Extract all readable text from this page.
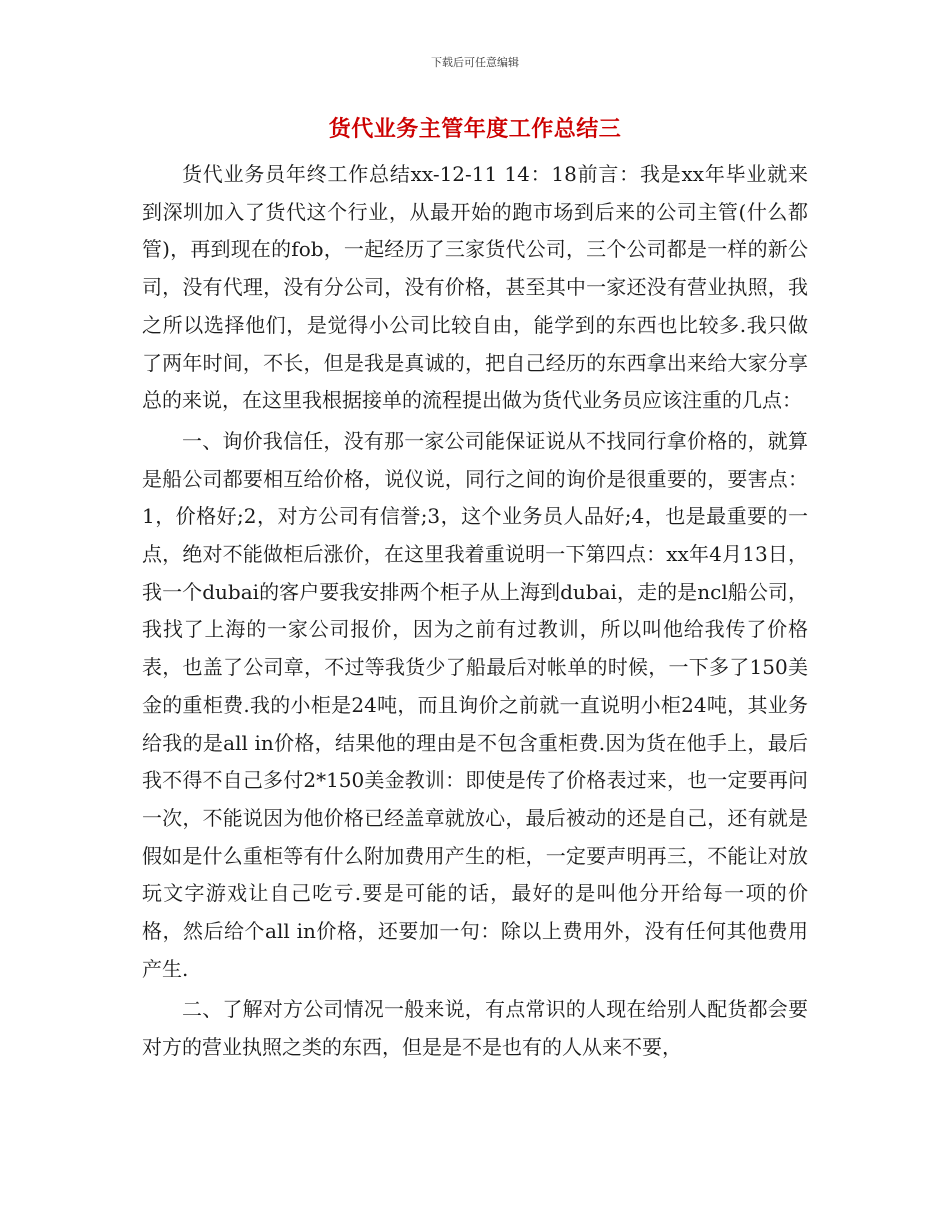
下载后可任意编辑
货代业务主管年度工作总结三

货代业务员年终工作总结xx-12-11 14：18前言：我是xx年毕业就来到深圳加入了货代这个行业，从最开始的跑市场到后来的公司主管(什么都管)，再到现在的fob，一起经历了三家货代公司，三个公司都是一样的新公司，没有代理，没有分公司，没有价格，甚至其中一家还没有营业执照，我之所以选择他们，是觉得小公司比较自由，能学到的东西也比较多.我只做了两年时间，不长，但是我是真诚的，把自己经历的东西拿出来给大家分享总的来说，在这里我根据接单的流程提出做为货代业务员应该注重的几点：

一、询价我信任，没有那一家公司能保证说从不找同行拿价格的，就算是船公司都要相互给价格，说仪说，同行之间的询价是很重要的，要害点：1，价格好;2，对方公司有信誉;3，这个业务员人品好;4，也是最重要的一点，绝对不能做柜后涨价，在这里我着重说明一下第四点：xx年4月13日，我一个dubai的客户要我安排两个柜子从上海到dubai，走的是ncl船公司，我找了上海的一家公司报价，因为之前有过教训，所以叫他给我传了价格表，也盖了公司章，不过等我货少了船最后对帐单的时候，一下多了150美金的重柜费.我的小柜是24吨，而且询价之前就一直说明小柜24吨，其业务给我的是all in价格，结果他的理由是不包含重柜费.因为货在他手上，最后我不得不自己多付2*150美金教训：即使是传了价格表过来，也一定要再问一次，不能说因为他价格已经盖章就放心，最后被动的还是自己，还有就是假如是什么重柜等有什么附加费用产生的柜，一定要声明再三，不能让对放玩文字游戏让自己吃亏.要是可能的话，最好的是叫他分开给每一项的价格，然后给个all in价格，还要加一句：除以上费用外，没有任何其他费用产生.

二、了解对方公司情况一般来说，有点常识的人现在给别人配货都会要对方的营业执照之类的东西，但是是不是也有的人从来不要，
